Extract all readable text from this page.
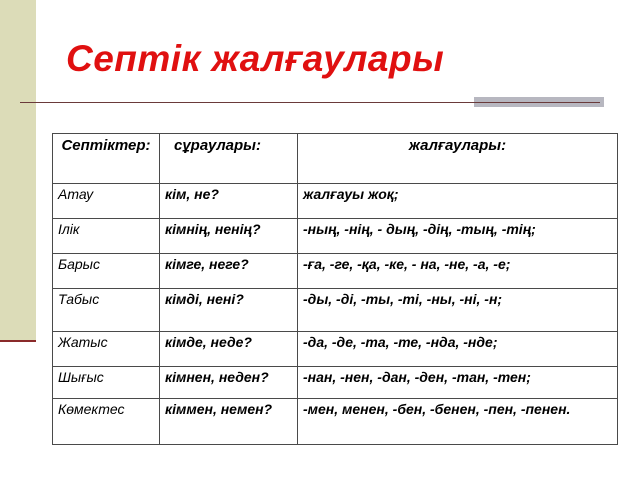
Септік жалғаулары
Септіктер:	сұраулары:	жалғаулары:
Атау	кім, не?	жалғауы жоқ;
Ілік	кімнің, ненің?	-ның, -нің, - дың, -дің, -тың, -тің;
Барыс	кімге, неге?	-ға, -ге, -қа, -ке, - на, -не, -а, -е;
Табыс	кімді, нені?	-ды, -ді, -ты, -ті, -ны, -ні, -н;
Жатыс	кімде, неде?	-да, -де, -та, -те, -нда, -нде;
Шығыс	кімнен, неден?	-нан, -нен, -дан, -ден, -тан, -тен;
Көмектес	кіммен, немен?	-мен, менен, -бен, -бенен, -пен, -пенен.
